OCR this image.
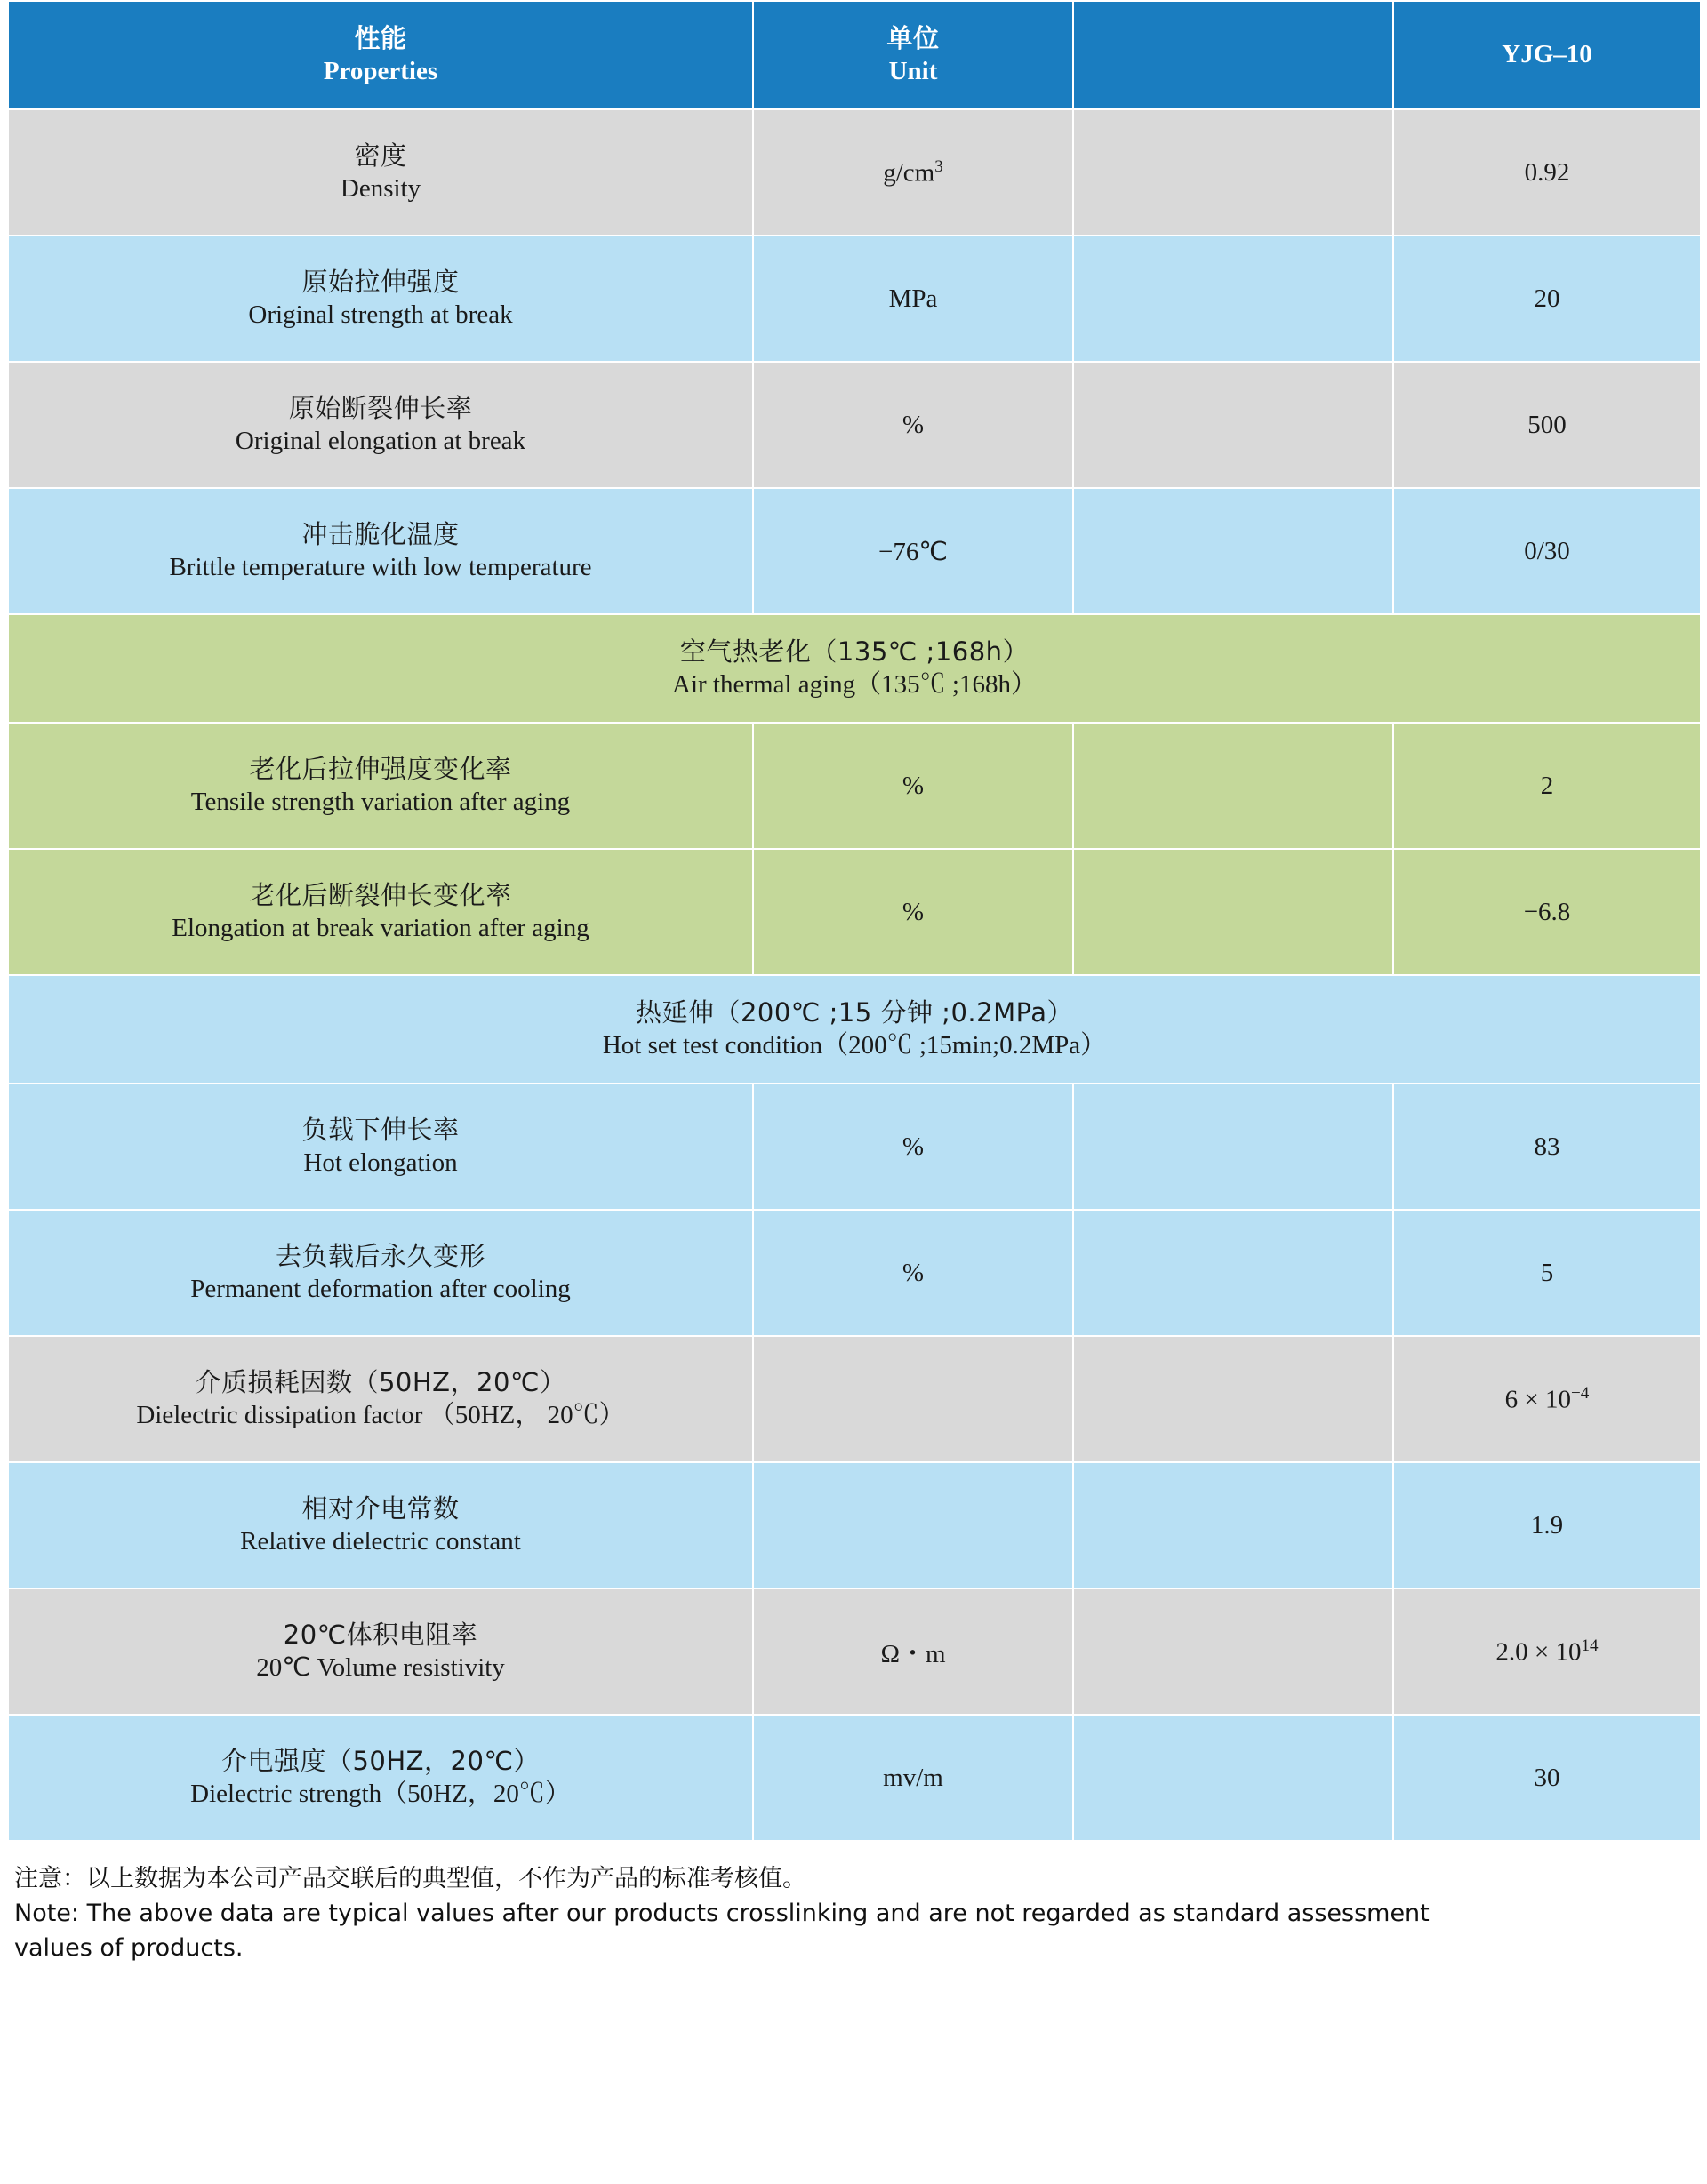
性能
Properties	单位
Unit		YJG–10

密度
Density	$g/cm^3$		0.92

原始拉伸强度
Original strength at break	MPa		20

原始断裂伸长率
Original elongation at break	%		500

冲击脆化温度
Brittle temperature with low temperature	−76℃		0/30

空气热老化（135℃ ;168h）
Air thermal aging（135℃ ;168h）			

老化后拉伸强度变化率
Tensile strength variation after aging	%		2

老化后断裂伸长变化率
Elongation at break variation after aging	%		−6.8

热延伸（200℃ ;15 分钟 ;0.2MPa）
Hot set test condition（200℃ ;15min;0.2MPa）			

负载下伸长率
Hot elongation	%		83

去负载后永久变形
Permanent deformation after cooling	%		5

介质损耗因数（50HZ，20℃）
Dielectric dissipation factor （50HZ， 20℃）			$6 \times 10^{-4}$

相对介电常数
Relative dielectric constant			1.9

20℃体积电阻率
20℃ Volume resistivity	Ω・m		$2.0 \times 10^{14}$

介电强度（50HZ，20℃）
Dielectric strength（50HZ，20℃）	mv/m		30
注意：以上数据为本公司产品交联后的典型值，不作为产品的标准考核值。
Note: The above data are typical values after our products crosslinking and are not regarded as standard assessment
values of products.
